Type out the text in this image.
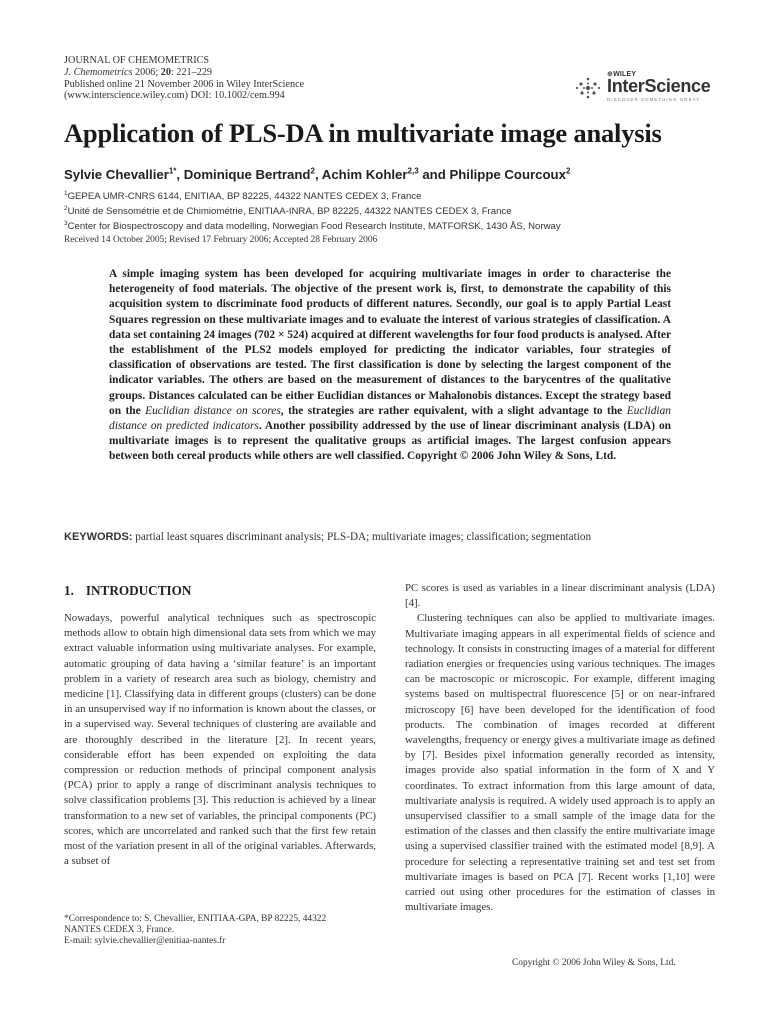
JOURNAL OF CHEMOMETRICS
J. Chemometrics 2006; 20: 221–229
Published online 21 November 2006 in Wiley InterScience
(www.interscience.wiley.com) DOI: 10.1002/cem.994
⊕WILEY
InterScience
DISCOVER SOMETHING GREAT
Application of PLS-DA in multivariate image analysis
Sylvie Chevallier$^{1*}$, Dominique Bertrand$^2$, Achim Kohler$^{2,3}$ and Philippe Courcoux$^2$
$^1$GEPEA UMR-CNRS 6144, ENITIAA, BP 82225, 44322 NANTES CEDEX 3, France
$^2$Unité de Sensométrie et de Chimiométrie, ENITIAA-INRA, BP 82225, 44322 NANTES CEDEX 3, France
$^3$Center for Biospectroscopy and data modelling, Norwegian Food Research Institute, MATFORSK, 1430 ÅS, Norway
Received 14 October 2005; Revised 17 February 2006; Accepted 28 February 2006
A simple imaging system has been developed for acquiring multivariate images in order to characterise the heterogeneity of food materials. The objective of the present work is, first, to demonstrate the capability of this acquisition system to discriminate food products of different natures. Secondly, our goal is to apply Partial Least Squares regression on these multivariate images and to evaluate the interest of various strategies of classification. A data set containing 24 images (702 × 524) acquired at different wavelengths for four food products is analysed. After the establishment of the PLS2 models employed for predicting the indicator variables, four strategies of classification of observations are tested. The first classification is done by selecting the largest component of the indicator variables. The others are based on the measurement of distances to the barycentres of the qualitative groups. Distances calculated can be either Euclidian distances or Mahalonobis distances. Except the strategy based on the Euclidian distance on scores, the strategies are rather equivalent, with a slight advantage to the Euclidian distance on predicted indicators. Another possibility addressed by the use of linear discriminant analysis (LDA) on multivariate images is to represent the qualitative groups as artificial images. The largest confusion appears between both cereal products while others are well classified. Copyright © 2006 John Wiley & Sons, Ltd.
KEYWORDS: partial least squares discriminant analysis; PLS-DA; multivariate images; classification; segmentation
1. INTRODUCTION

Nowadays, powerful analytical techniques such as spectroscopic methods allow to obtain high dimensional data sets from which we may extract valuable information using multivariate analyses. For example, automatic grouping of data having a ‘similar feature’ is an important problem in a variety of research area such as biology, chemistry and medicine [1]. Classifying data in different groups (clusters) can be done in an unsupervised way if no information is known about the classes, or in a supervised way. Several techniques of clustering are available and are thoroughly described in the literature [2]. In recent years, considerable effort has been expended on exploiting the data compression or reduction methods of principal component analysis (PCA) prior to apply a range of discriminant analysis techniques to solve classification problems [3]. This reduction is achieved by a linear transformation to a new set of variables, the principal components (PC) scores, which are uncorrelated and ranked such that the first few retain most of the variation present in all of the original variables. Afterwards, a subset of

PC scores is used as variables in a linear discriminant analysis (LDA) [4].

Clustering techniques can also be applied to multivariate images. Multivariate imaging appears in all experimental fields of science and technology. It consists in constructing images of a material for different radiation energies or frequencies using various techniques. The images can be macroscopic or microscopic. For example, different imaging systems based on multispectral fluorescence [5] or on near-infrared microscopy [6] have been developed for the identification of food products. The combination of images recorded at different wavelengths, frequency or energy gives a multivariate image as defined by [7]. Besides pixel information generally recorded as intensity, images provide also spatial information in the form of X and Y coordinates. To extract information from this large amount of data, multivariate analysis is required. A widely used approach is to apply an unsupervised classifier to a small sample of the image data for the estimation of the classes and then classify the entire multivariate image using a supervised classifier trained with the estimated model [8,9]. A procedure for selecting a representative training set and test set from multivariate images is based on PCA [7]. Recent works [1,10] were carried out using other procedures for the estimation of classes in multivariate images.

*Correspondence to: S. Chevallier, ENITIAA-GPA, BP 82225, 44322
NANTES CEDEX 3, France.
E-mail: sylvie.chevallier@enitiaa-nantes.fr
Copyright © 2006 John Wiley & Sons, Ltd.
